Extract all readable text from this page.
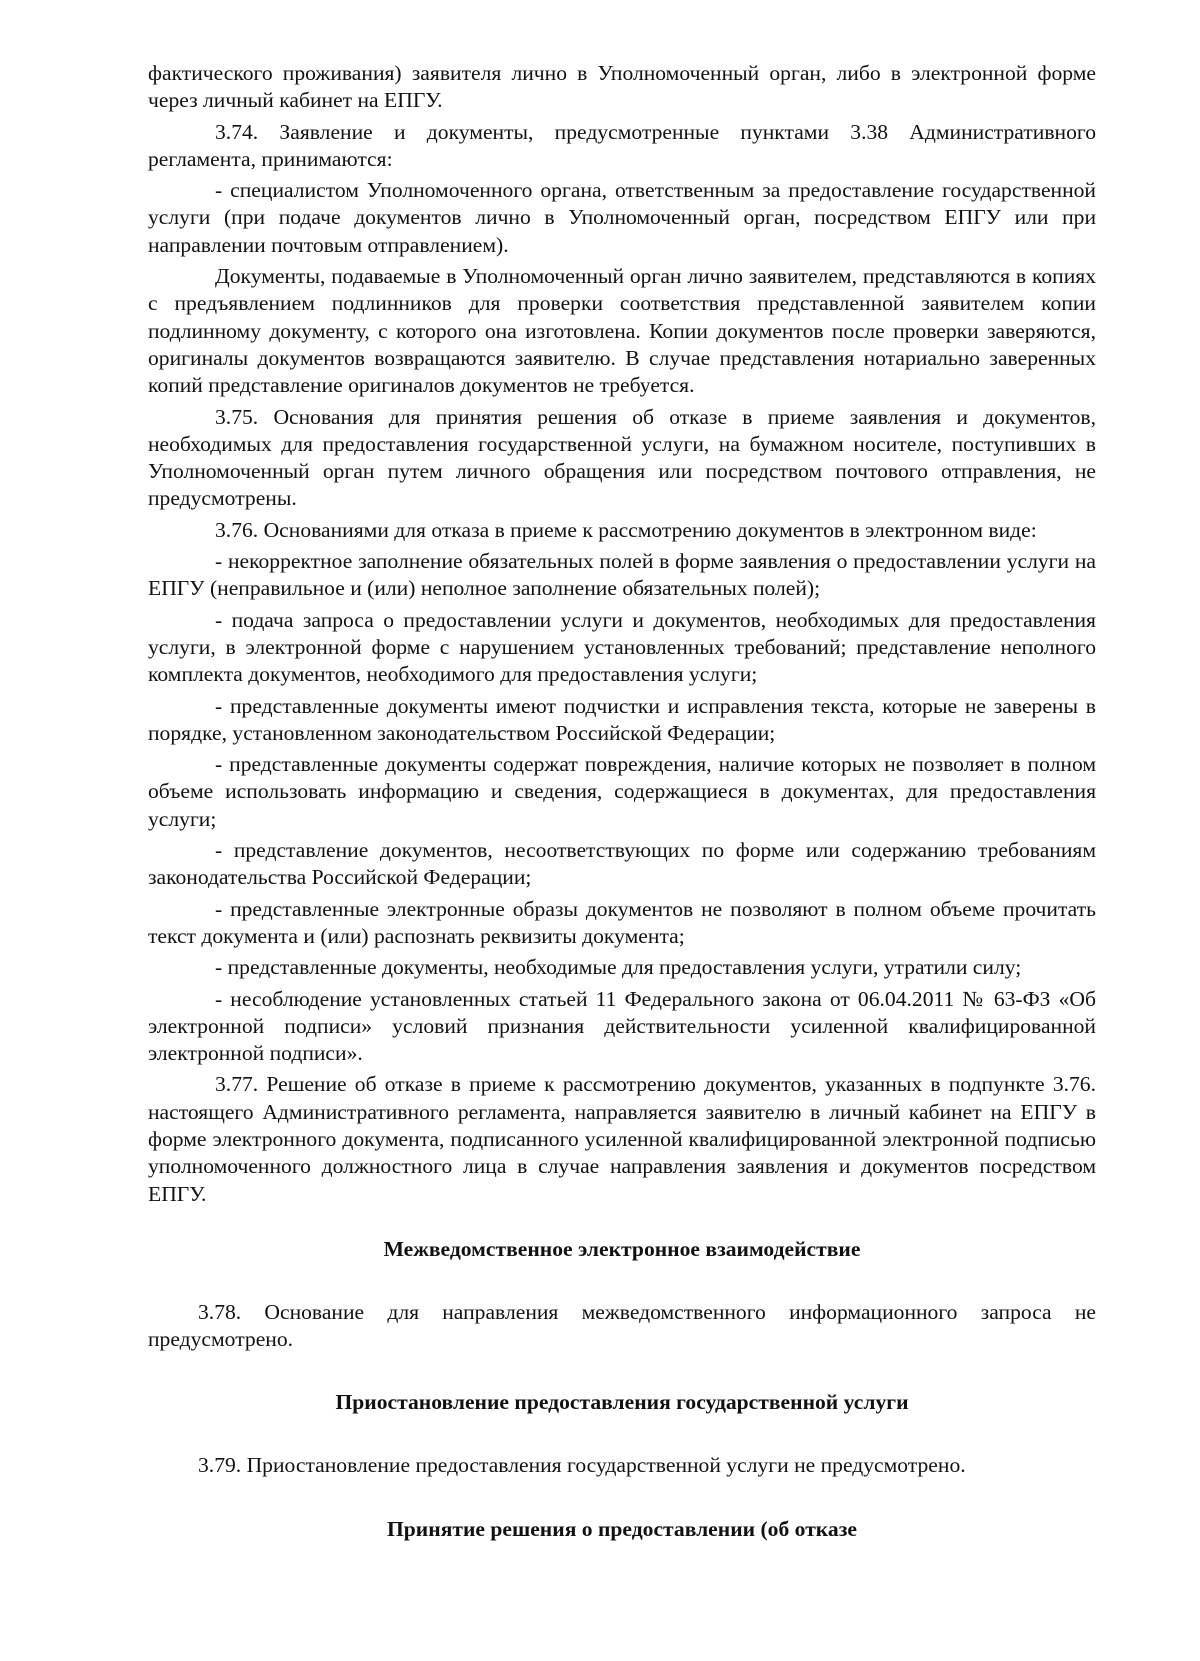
фактического проживания) заявителя лично в Уполномоченный орган, либо в электронной форме через личный кабинет на ЕПГУ.

3.74. Заявление и документы, предусмотренные пунктами 3.38 Административного регламента, принимаются:

- специалистом Уполномоченного органа, ответственным за предоставление государственной услуги (при подаче документов лично в Уполномоченный орган, посредством ЕПГУ или при направлении почтовым отправлением).

Документы, подаваемые в Уполномоченный орган лично заявителем, представляются в копиях с предъявлением подлинников для проверки соответствия представленной заявителем копии подлинному документу, с которого она изготовлена. Копии документов после проверки заверяются, оригиналы документов возвращаются заявителю. В случае представления нотариально заверенных копий представление оригиналов документов не требуется.

3.75. Основания для принятия решения об отказе в приеме заявления и документов, необходимых для предоставления государственной услуги, на бумажном носителе, поступивших в Уполномоченный орган путем личного обращения или посредством почтового отправления, не предусмотрены.

3.76. Основаниями для отказа в приеме к рассмотрению документов в электронном виде:

- некорректное заполнение обязательных полей в форме заявления о предоставлении услуги на ЕПГУ (неправильное и (или) неполное заполнение обязательных полей);

- подача запроса о предоставлении услуги и документов, необходимых для предоставления услуги, в электронной форме с нарушением установленных требований; представление неполного комплекта документов, необходимого для предоставления услуги;

- представленные документы имеют подчистки и исправления текста, которые не заверены в порядке, установленном законодательством Российской Федерации;

- представленные документы содержат повреждения, наличие которых не позволяет в полном объеме использовать информацию и сведения, содержащиеся в документах, для предоставления услуги;

- представление документов, несоответствующих по форме или содержанию требованиям законодательства Российской Федерации;

- представленные электронные образы документов не позволяют в полном объеме прочитать текст документа и (или) распознать реквизиты документа;

- представленные документы, необходимые для предоставления услуги, утратили силу;

- несоблюдение установленных статьей 11 Федерального закона от 06.04.2011 № 63-ФЗ «Об электронной подписи» условий признания действительности усиленной квалифицированной электронной подписи».

3.77. Решение об отказе в приеме к рассмотрению документов, указанных в подпункте 3.76. настоящего Административного регламента, направляется заявителю в личный кабинет на ЕПГУ в форме электронного документа, подписанного усиленной квалифицированной электронной подписью уполномоченного должностного лица в случае направления заявления и документов посредством ЕПГУ.

Межведомственное электронное взаимодействие

3.78. Основание для направления межведомственного информационного запроса не предусмотрено.

Приостановление предоставления государственной услуги

3.79. Приостановление предоставления государственной услуги не предусмотрено.

Принятие решения о предоставлении (об отказе
